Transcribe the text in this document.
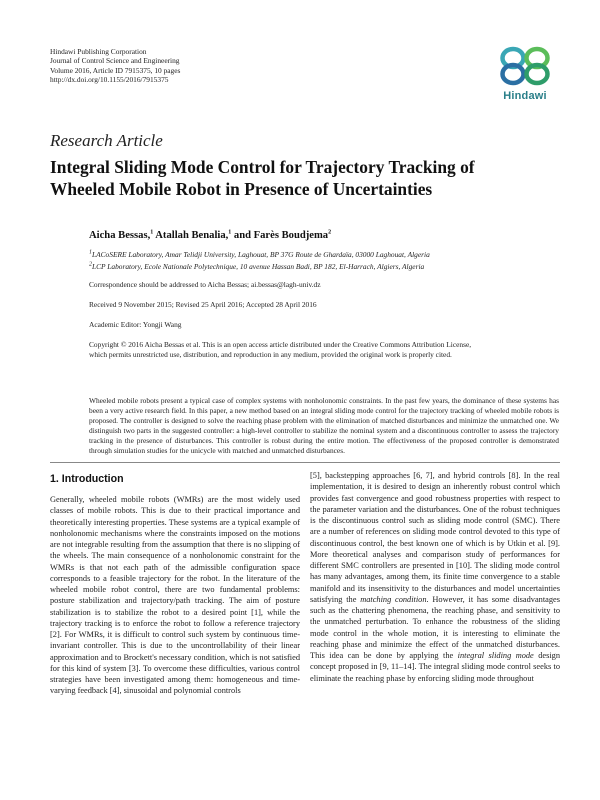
Hindawi Publishing Corporation
Journal of Control Science and Engineering
Volume 2016, Article ID 7915375, 10 pages
http://dx.doi.org/10.1155/2016/7915375
Hindawi
Research Article
Integral Sliding Mode Control for Trajectory Tracking of Wheeled Mobile Robot in Presence of Uncertainties
Aicha Bessas,$^1$ Atallah Benalia,$^1$ and Farès Boudjema$^2$
$^1$LACoSERE Laboratory, Amar Telidji University, Laghouat, BP 37G Route de Ghardaïa, 03000 Laghouat, Algeria
$^2$LCP Laboratory, Ecole Nationale Polytechnique, 10 avenue Hassan Badi, BP 182, El-Harrach, Algiers, Algeria
Correspondence should be addressed to Aicha Bessas; ai.bessas@lagh-univ.dz
Received 9 November 2015; Revised 25 April 2016; Accepted 28 April 2016
Academic Editor: Yongji Wang
Copyright © 2016 Aicha Bessas et al. This is an open access article distributed under the Creative Commons Attribution License,
which permits unrestricted use, distribution, and reproduction in any medium, provided the original work is properly cited.
Wheeled mobile robots present a typical case of complex systems with nonholonomic constraints. In the past few years, the dominance of these systems has been a very active research field. In this paper, a new method based on an integral sliding mode control for the trajectory tracking of wheeled mobile robots is proposed. The controller is designed to solve the reaching phase problem with the elimination of matched disturbances and minimize the unmatched one. We distinguish two parts in the suggested controller: a high-level controller to stabilize the nominal system and a discontinuous controller to assess the trajectory tracking in the presence of disturbances. This controller is robust during the entire motion. The effectiveness of the proposed controller is demonstrated through simulation studies for the unicycle with matched and unmatched disturbances.
1. Introduction

Generally, wheeled mobile robots (WMRs) are the most widely used classes of mobile robots. This is due to their practical importance and theoretically interesting properties. These systems are a typical example of nonholonomic mechanisms where the constraints imposed on the motions are not integrable resulting from the assumption that there is no slipping of the wheels. The main consequence of a nonholonomic constraint for the WMRs is that not each path of the admissible configuration space corresponds to a feasible trajectory for the robot. In the literature of the wheeled mobile robot control, there are two fundamental problems: posture stabilization and trajectory/path tracking. The aim of posture stabilization is to stabilize the robot to a desired point [1], while the trajectory tracking is to enforce the robot to follow a reference trajectory [2]. For WMRs, it is difficult to control such system by continuous time-invariant controller. This is due to the uncontrollability of their linear approximation and to Brockett's necessary condition, which is not satisfied for this kind of system [3]. To overcome these difficulties, various control strategies have been investigated among them: homogeneous and time-varying feedback [4], sinusoidal and polynomial controls

[5], backstepping approaches [6, 7], and hybrid controls [8]. In the real implementation, it is desired to design an inherently robust control which provides fast convergence and good robustness properties with respect to the parameter variation and the disturbances. One of the robust techniques is the discontinuous control such as sliding mode control (SMC). There are a number of references on sliding mode control devoted to this type of discontinuous control, the best known one of which is by Utkin et al. [9]. More theoretical analyses and comparison study of performances for different SMC controllers are presented in [10]. The sliding mode control has many advantages, among them, its finite time convergence to a stable manifold and its insensitivity to the disturbances and model uncertainties satisfying the matching condition. However, it has some disadvantages such as the chattering phenomena, the reaching phase, and sensitivity to the unmatched perturbation. To enhance the robustness of the sliding mode control in the whole motion, it is interesting to eliminate the reaching phase and minimize the effect of the unmatched disturbances. This idea can be done by applying the integral sliding mode design concept proposed in [9, 11–14]. The integral sliding mode control seeks to eliminate the reaching phase by enforcing sliding mode throughout
